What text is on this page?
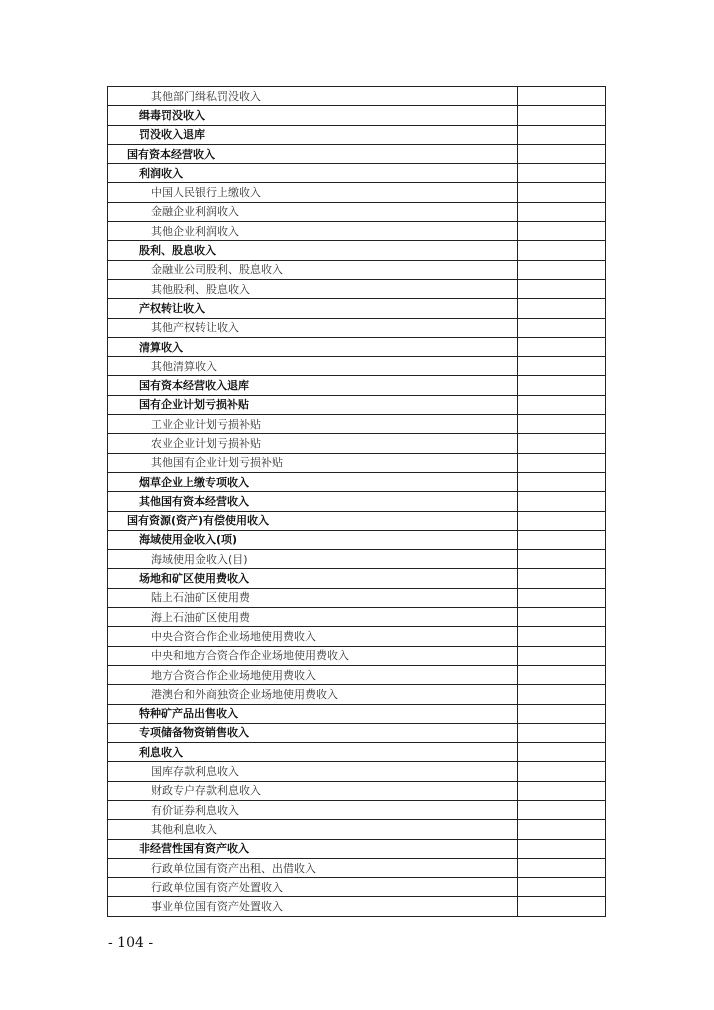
其他部门缉私罚没收入	
缉毒罚没收入	
罚没收入退库	
国有资本经营收入	
利润收入	
中国人民银行上缴收入	
金融企业利润收入	
其他企业利润收入	
股利、股息收入	
金融业公司股利、股息收入	
其他股利、股息收入	
产权转让收入	
其他产权转让收入	
清算收入	
其他清算收入	
国有资本经营收入退库	
国有企业计划亏损补贴	
工业企业计划亏损补贴	
农业企业计划亏损补贴	
其他国有企业计划亏损补贴	
烟草企业上缴专项收入	
其他国有资本经营收入	
国有资源(资产)有偿使用收入	
海域使用金收入(项)	
海域使用金收入(目)	
场地和矿区使用费收入	
陆上石油矿区使用费	
海上石油矿区使用费	
中央合资合作企业场地使用费收入	
中央和地方合资合作企业场地使用费收入	
地方合资合作企业场地使用费收入	
港澳台和外商独资企业场地使用费收入	
特种矿产品出售收入	
专项储备物资销售收入	
利息收入	
国库存款利息收入	
财政专户存款利息收入	
有价证券利息收入	
其他利息收入	
非经营性国有资产收入	
行政单位国有资产出租、出借收入	
行政单位国有资产处置收入	
事业单位国有资产处置收入	
- 104 -
